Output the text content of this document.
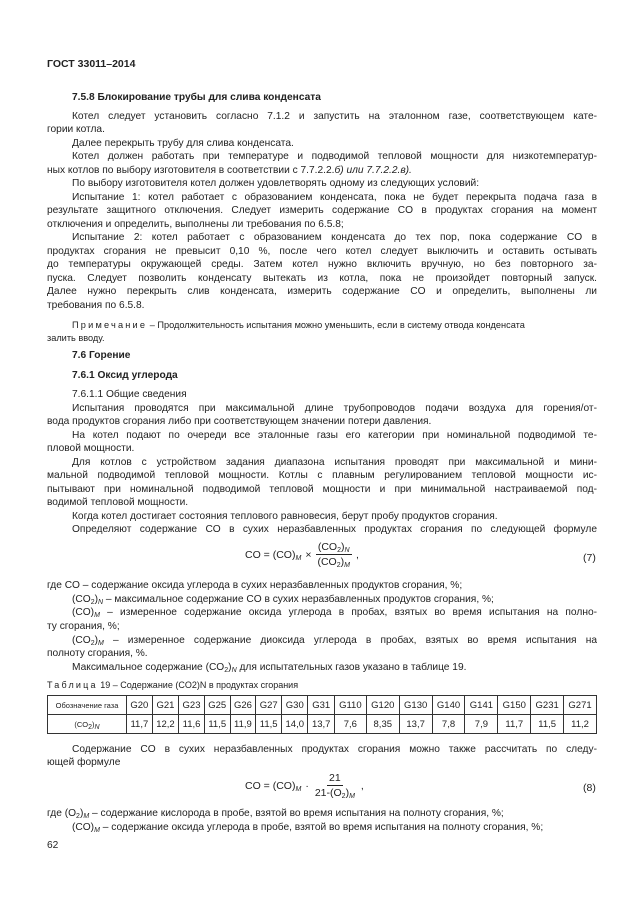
ГОСТ 33011–2014
7.5.8 Блокирование трубы для слива конденсата
Котел следует установить согласно 7.1.2 и запустить на эталонном газе, соответствующем кате-
гории котла.
Далее перекрыть трубу для слива конденсата.
Котел должен работать при температуре и подводимой тепловой мощности для низкотемператур-
ных котлов по выбору изготовителя в соответствии с 7.7.2.2.б) или 7.7.2.2.в).
По выбору изготовителя котел должен удовлетворять одному из следующих условий:
Испытание 1: котел работает с образованием конденсата, пока не будет перекрыта подача газа в
результате защитного отключения. Следует измерить содержание CO в продуктах сгорания на момент
отключения и определить, выполнены ли требования по 6.5.8;
Испытание 2: котел работает с образованием конденсата до тех пор, пока содержание CO в
продуктах сгорания не превысит 0,10 %, после чего котел следует выключить и оставить остывать
до температуры окружающей среды. Затем котел нужно включить вручную, но без повторного за-
пуска. Следует позволить конденсату вытекать из котла, пока не произойдет повторный запуск.
Далее нужно перекрыть слив конденсата, измерить содержание CO и определить, выполнены ли
требования по 6.5.8.
Примечание – Продолжительность испытания можно уменьшить, если в систему отвода конденсата
залить вводу.
7.6 Горение
7.6.1 Оксид углерода
7.6.1.1 Общие сведения
Испытания проводятся при максимальной длине трубопроводов подачи воздуха для горения/от-
вода продуктов сгорания либо при соответствующем значении потери давления.
На котел подают по очереди все эталонные газы его категории при номинальной подводимой те-
пловой мощности.
Для котлов с устройством задания диапазона испытания проводят при максимальной и мини-
мальной подводимой тепловой мощности. Котлы с плавным регулированием тепловой мощности ис-
пытывают при номинальной подводимой тепловой мощности и при минимальной настраиваемой под-
водимой тепловой мощности.
Когда котел достигает состояния теплового равновесия, берут пробу продуктов сгорания.
Определяют содержание CO в сухих неразбавленных продуктах сгорания по следующей формуле
CO = $(CO)_M \times \frac{(CO_2)_N}{(CO_2)_M}$ ,	(7)
где CO – содержание оксида углерода в сухих неразбавленных продуктов сгорания, %;
$(CO_2)_N$ – максимальное содержание CO в сухих неразбавленных продуктов сгорания, %;
$(CO)_M$ – измеренное содержание оксида углерода в пробах, взятых во время испытания на полно-
ту сгорания, %;
$(CO_2)_M$ – измеренное содержание диоксида углерода в пробах, взятых во время испытания на
полноту сгорания, %.
Максимальное содержание $(CO_2)_N$ для испытательных газов указано в таблице 19.
Таблица 19 – Содержание (CO2)N в продуктах сгорания
Обозначение газа	G20	G21	G23	G25	G26	G27	G30	G31	G110	G120	G130	G140	G141	G150	G231	G271
$(CO_2)_N$	11,7	12,2	11,6	11,5	11,9	11,5	14,0	13,7	7,6	8,35	13,7	7,8	7,9	11,7	11,5	11,2
Содержание CO в сухих неразбавленных продуктах сгорания можно также рассчитать по следу-
ющей формуле
CO = $(CO)_M \cdot \frac{21}{21-(O_2)_M}$ ,	(8)
где $(O_2)_M$ – содержание кислорода в пробе, взятой во время испытания на полноту сгорания, %;
$(CO)_M$ – содержание оксида углерода в пробе, взятой во время испытания на полноту сгорания, %;
62
